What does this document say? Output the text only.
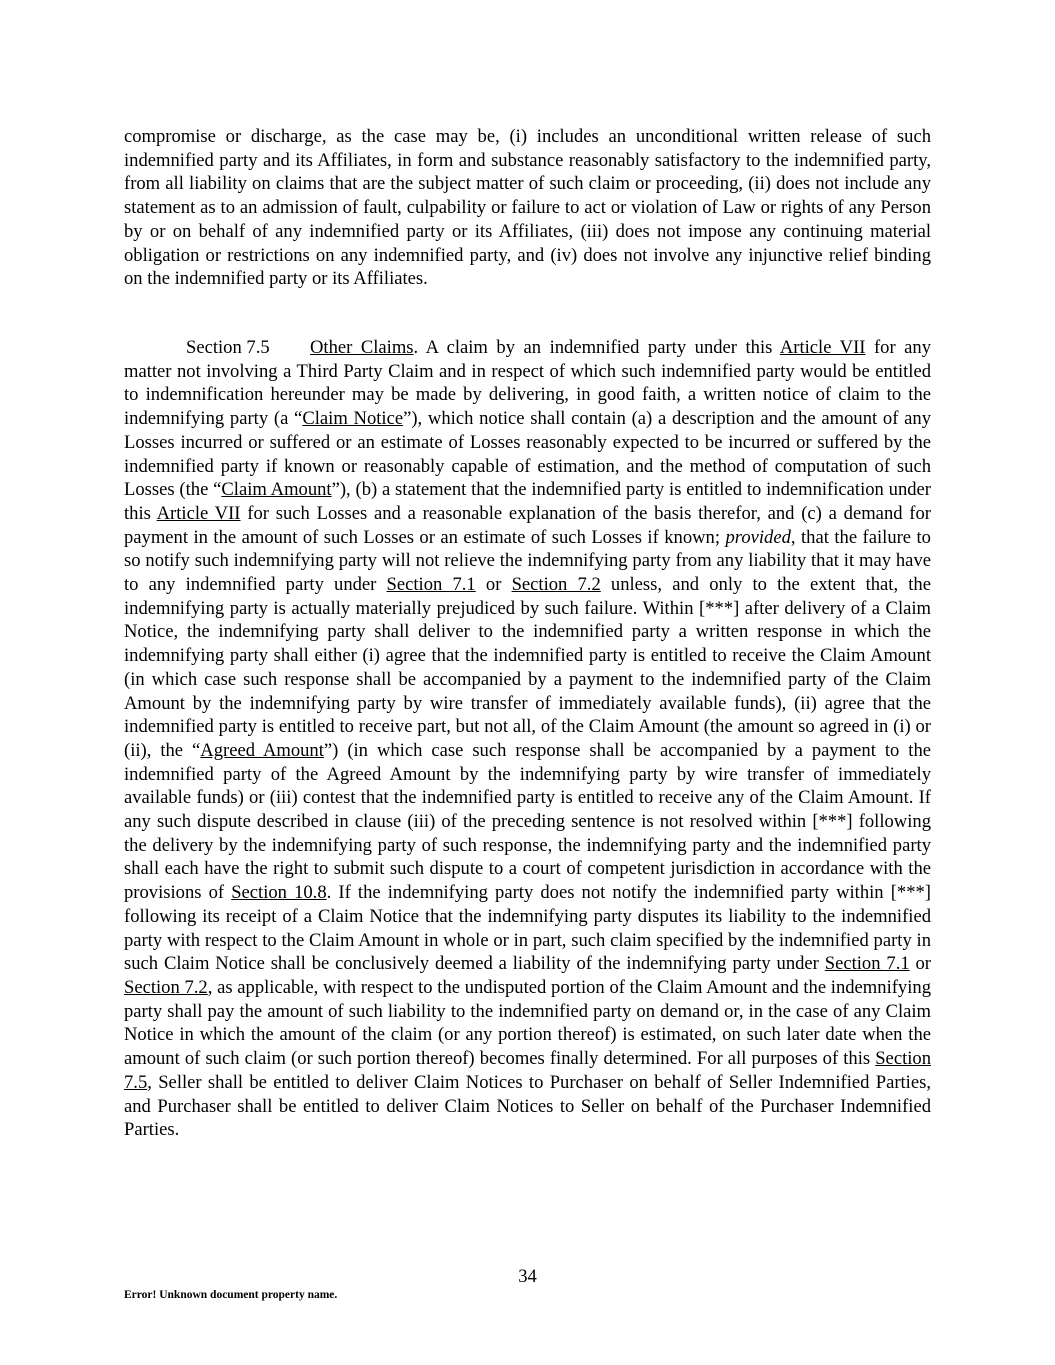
compromise or discharge, as the case may be, (i) includes an unconditional written release of such indemnified party and its Affiliates, in form and substance reasonably satisfactory to the indemnified party, from all liability on claims that are the subject matter of such claim or proceeding, (ii) does not include any statement as to an admission of fault, culpability or failure to act or violation of Law or rights of any Person by or on behalf of any indemnified party or its Affiliates, (iii) does not impose any continuing material obligation or restrictions on any indemnified party, and (iv) does not involve any injunctive relief binding on the indemnified party or its Affiliates.

Section 7.5 Other Claims. A claim by an indemnified party under this Article VII for any matter not involving a Third Party Claim and in respect of which such indemnified party would be entitled to indemnification hereunder may be made by delivering, in good faith, a written notice of claim to the indemnifying party (a “Claim Notice”), which notice shall contain (a) a description and the amount of any Losses incurred or suffered or an estimate of Losses reasonably expected to be incurred or suffered by the indemnified party if known or reasonably capable of estimation, and the method of computation of such Losses (the “Claim Amount”), (b) a statement that the indemnified party is entitled to indemnification under this Article VII for such Losses and a reasonable explanation of the basis therefor, and (c) a demand for payment in the amount of such Losses or an estimate of such Losses if known; provided, that the failure to so notify such indemnifying party will not relieve the indemnifying party from any liability that it may have to any indemnified party under Section 7.1 or Section 7.2 unless, and only to the extent that, the indemnifying party is actually materially prejudiced by such failure. Within [***] after delivery of a Claim Notice, the indemnifying party shall deliver to the indemnified party a written response in which the indemnifying party shall either (i) agree that the indemnified party is entitled to receive the Claim Amount (in which case such response shall be accompanied by a payment to the indemnified party of the Claim Amount by the indemnifying party by wire transfer of immediately available funds), (ii) agree that the indemnified party is entitled to receive part, but not all, of the Claim Amount (the amount so agreed in (i) or (ii), the “Agreed Amount”) (in which case such response shall be accompanied by a payment to the indemnified party of the Agreed Amount by the indemnifying party by wire transfer of immediately available funds) or (iii) contest that the indemnified party is entitled to receive any of the Claim Amount. If any such dispute described in clause (iii) of the preceding sentence is not resolved within [***] following the delivery by the indemnifying party of such response, the indemnifying party and the indemnified party shall each have the right to submit such dispute to a court of competent jurisdiction in accordance with the provisions of Section 10.8. If the indemnifying party does not notify the indemnified party within [***] following its receipt of a Claim Notice that the indemnifying party disputes its liability to the indemnified party with respect to the Claim Amount in whole or in part, such claim specified by the indemnified party in such Claim Notice shall be conclusively deemed a liability of the indemnifying party under Section 7.1 or Section 7.2, as applicable, with respect to the undisputed portion of the Claim Amount and the indemnifying party shall pay the amount of such liability to the indemnified party on demand or, in the case of any Claim Notice in which the amount of the claim (or any portion thereof) is estimated, on such later date when the amount of such claim (or such portion thereof) becomes finally determined. For all purposes of this Section 7.5, Seller shall be entitled to deliver Claim Notices to Purchaser on behalf of Seller Indemnified Parties, and Purchaser shall be entitled to deliver Claim Notices to Seller on behalf of the Purchaser Indemnified Parties.

34
Error! Unknown document property name.
